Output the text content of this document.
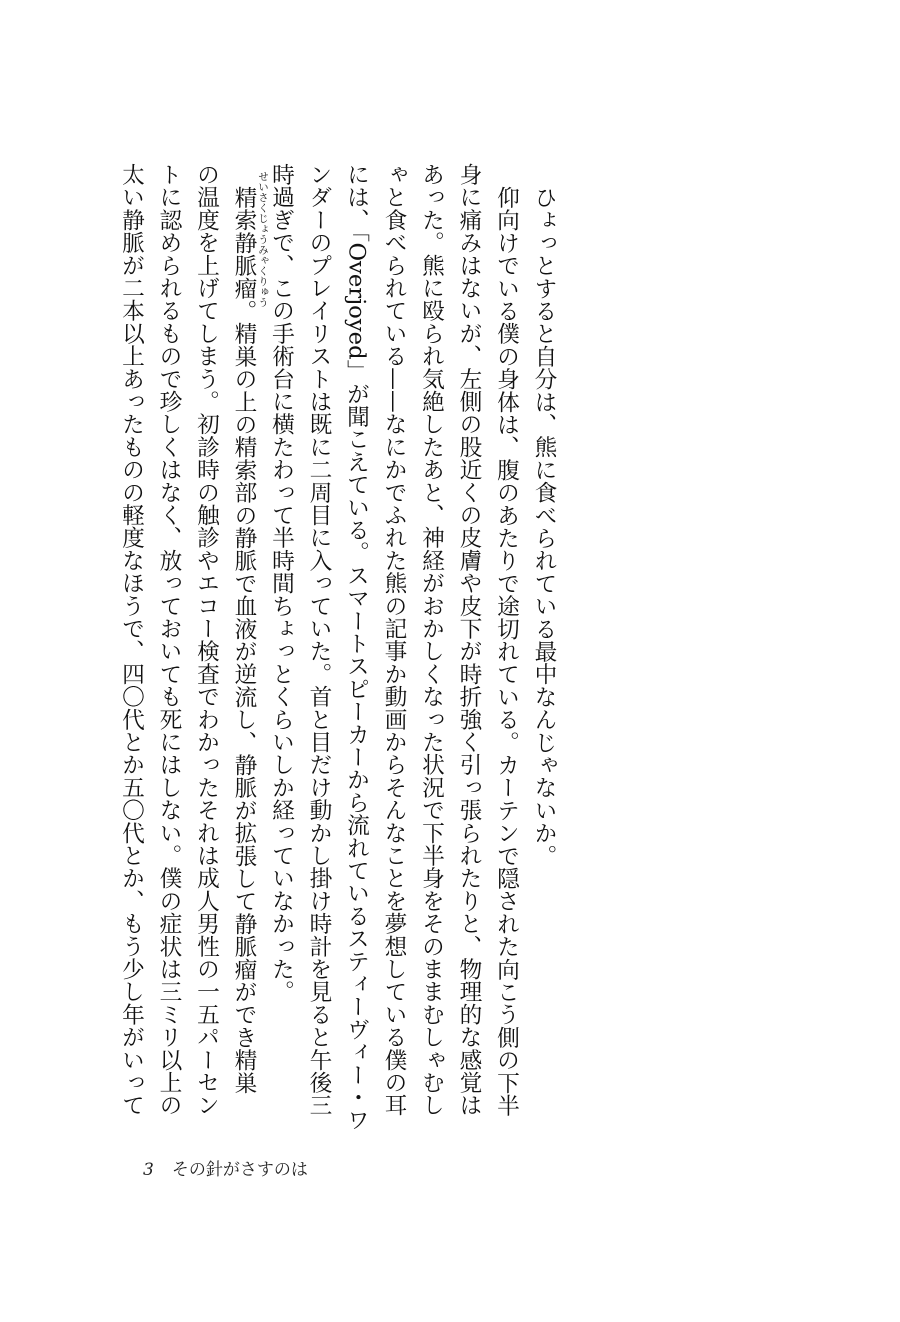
ひょっとすると自分は、熊に食べられている最中なんじゃないか。
仰向けでいる僕の身体は、腹のあたりで途切れている。カーテンで隠された向こう側の下半
身に痛みはないが、左側の股近くの皮膚や皮下が時折強く引っ張られたりと、物理的な感覚は
あった。熊に殴られ気絶したあと、神経がおかしくなった状況で下半身をそのままむしゃむし
ゃと食べられている——なにかでふれた熊の記事か動画からそんなことを夢想している僕の耳
には、「Overjoyed」が聞こえている。スマートスピーカーから流れているスティーヴィー・ワ
ンダーのプレイリストは既に二周目に入っていた。首と目だけ動かし掛け時計を見ると午後三
時過ぎで、この手術台に横たわって半時間ちょっとくらいしか経っていなかった。
精索静脈瘤。精巣の上の精索部の静脈で血液が逆流し、静脈が拡張して静脈瘤ができ精巣
せいさくじょうみゃくりゅう
の温度を上げてしまう。初診時の触診やエコー検査でわかったそれは成人男性の一五パーセン
トに認められるもので珍しくはなく、放っておいても死にはしない。僕の症状は三ミリ以上の
太い静脈が二本以上あったものの軽度なほうで、四〇代とか五〇代とか、もう少し年がいって
3 その針がさすのは
